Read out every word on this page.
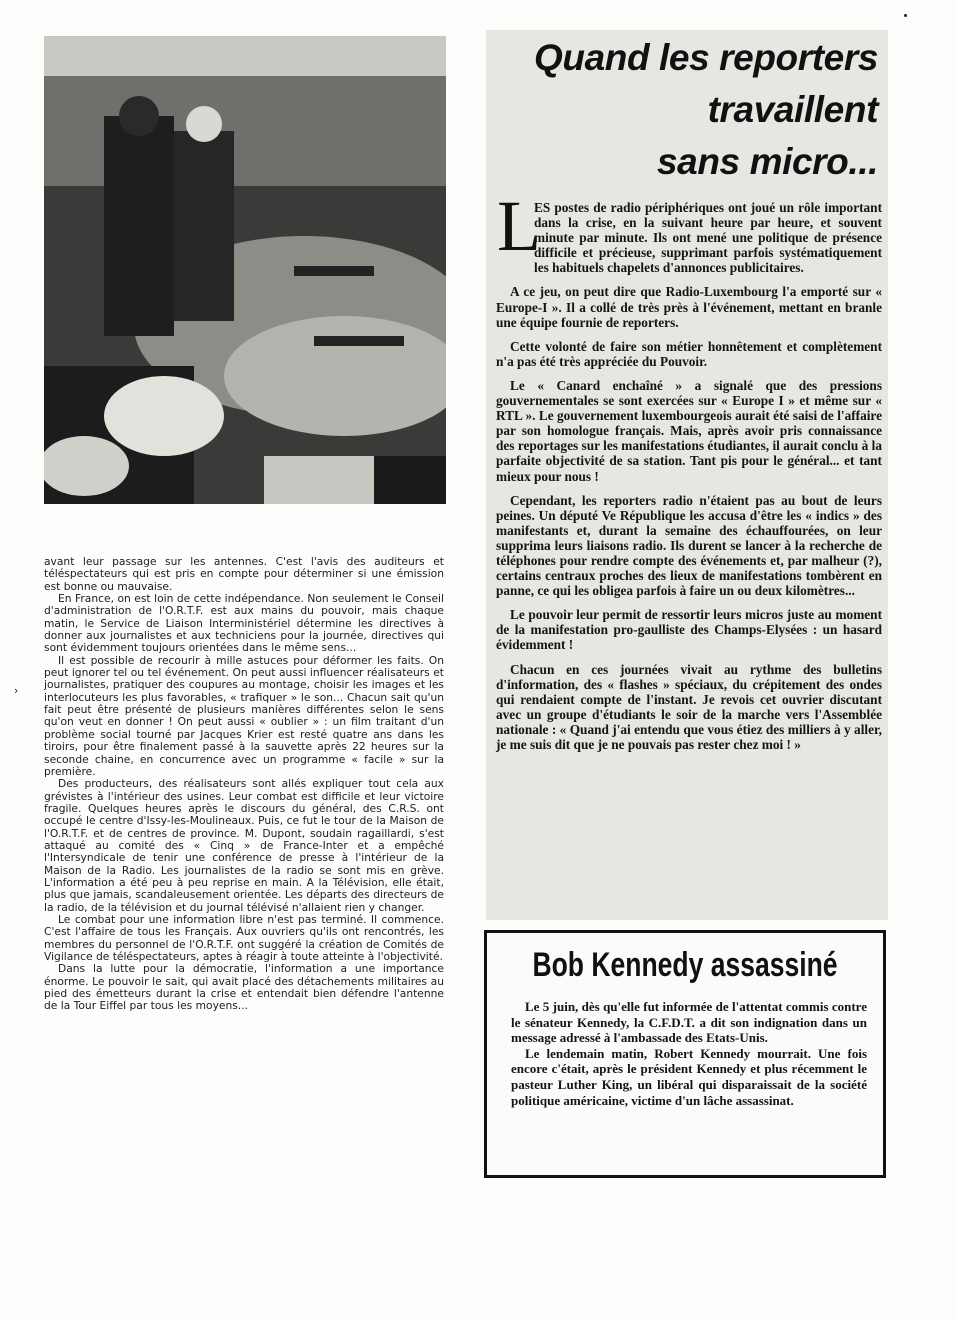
›

avant leur passage sur les antennes. C'est l'avis des auditeurs et téléspectateurs qui est pris en compte pour déterminer si une émission est bonne ou mauvaise.

En France, on est loin de cette indépendance. Non seulement le Conseil d'administration de l'O.R.T.F. est aux mains du pouvoir, mais chaque matin, le Service de Liaison Interministériel détermine les directives à donner aux journalistes et aux techniciens pour la journée, directives qui sont évidemment toujours orientées dans le même sens...

Il est possible de recourir à mille astuces pour déformer les faits. On peut ignorer tel ou tel événement. On peut aussi influencer réalisateurs et journalistes, pratiquer des coupures au montage, choisir les images et les interlocuteurs les plus favorables, « trafiquer » le son... Chacun sait qu'un fait peut être présenté de plusieurs manières différentes selon le sens qu'on veut en donner ! On peut aussi « oublier » : un film traitant d'un problème social tourné par Jacques Krier est resté quatre ans dans les tiroirs, pour être finalement passé à la sauvette après 22 heures sur la seconde chaine, en concurrence avec un programme « facile » sur la première.

Des producteurs, des réalisateurs sont allés expliquer tout cela aux grévistes à l'intérieur des usines. Leur combat est difficile et leur victoire fragile. Quelques heures après le discours du général, des C.R.S. ont occupé le centre d'Issy-les-Moulineaux. Puis, ce fut le tour de la Maison de l'O.R.T.F. et de centres de province. M. Dupont, soudain ragaillardi, s'est attaqué au comité des « Cinq » de France-Inter et a empêché l'Intersyndicale de tenir une conférence de presse à l'intérieur de la Maison de la Radio. Les journalistes de la radio se sont mis en grève. L'information a été peu à peu reprise en main. A la Télévision, elle était, plus que jamais, scandaleusement orientée. Les départs des directeurs de la radio, de la télévision et du journal télévisé n'allaient rien y changer.

Le combat pour une information libre n'est pas terminé. Il commence. C'est l'affaire de tous les Français. Aux ouvriers qu'ils ont rencontrés, les membres du personnel de l'O.R.T.F. ont suggéré la création de Comités de Vigilance de téléspectateurs, aptes à réagir à toute atteinte à l'objectivité.

Dans la lutte pour la démocratie, l'information a une importance énorme. Le pouvoir le sait, qui avait placé des détachements militaires au pied des émetteurs durant la crise et entendait bien défendre l'antenne de la Tour Eiffel par tous les moyens...

Quand les reporters
travaillent
sans micro...
L

ES postes de radio périphériques ont joué un rôle important dans la crise, en la suivant heure par heure, et souvent minute par minute. Ils ont mené une politique de présence difficile et précieuse, supprimant parfois systématiquement les habituels chapelets d'annonces publicitaires.

A ce jeu, on peut dire que Radio-Luxembourg l'a emporté sur « Europe-I ». Il a collé de très près à l'événement, mettant en branle une équipe fournie de reporters.

Cette volonté de faire son métier honnêtement et complètement n'a pas été très appréciée du Pouvoir.

Le « Canard enchaîné » a signalé que des pressions gouvernementales se sont exercées sur « Europe I » et même sur « RTL ». Le gouvernement luxembourgeois aurait été saisi de l'affaire par son homologue français. Mais, après avoir pris connaissance des reportages sur les manifestations étudiantes, il aurait conclu à la parfaite objectivité de sa station. Tant pis pour le général... et tant mieux pour nous !

Cependant, les reporters radio n'étaient pas au bout de leurs peines. Un député Ve République les accusa d'être les « indics » des manifestants et, durant la semaine des échauffourées, on leur supprima leurs liaisons radio. Ils durent se lancer à la recherche de téléphones pour rendre compte des événements et, par malheur (?), certains centraux proches des lieux de manifestations tombèrent en panne, ce qui les obligea parfois à faire un ou deux kilomètres...

Le pouvoir leur permit de ressortir leurs micros juste au moment de la manifestation pro-gaulliste des Champs-Elysées : un hasard évidemment !

Chacun en ces journées vivait au rythme des bulletins d'information, des « flashes » spéciaux, du crépitement des ondes qui rendaient compte de l'instant. Je revois cet ouvrier discutant avec un groupe d'étudiants le soir de la marche vers l'Assemblée nationale : « Quand j'ai entendu que vous étiez des milliers à y aller, je me suis dit que je ne pouvais pas rester chez moi ! »

Bob Kennedy assassiné

Le 5 juin, dès qu'elle fut informée de l'attentat commis contre le sénateur Kennedy, la C.F.D.T. a dit son indignation dans un message adressé à l'ambassade des Etats-Unis.

Le lendemain matin, Robert Kennedy mourrait. Une fois encore c'était, après le président Kennedy et plus récemment le pasteur Luther King, un libéral qui disparaissait de la société politique américaine, victime d'un lâche assassinat.
